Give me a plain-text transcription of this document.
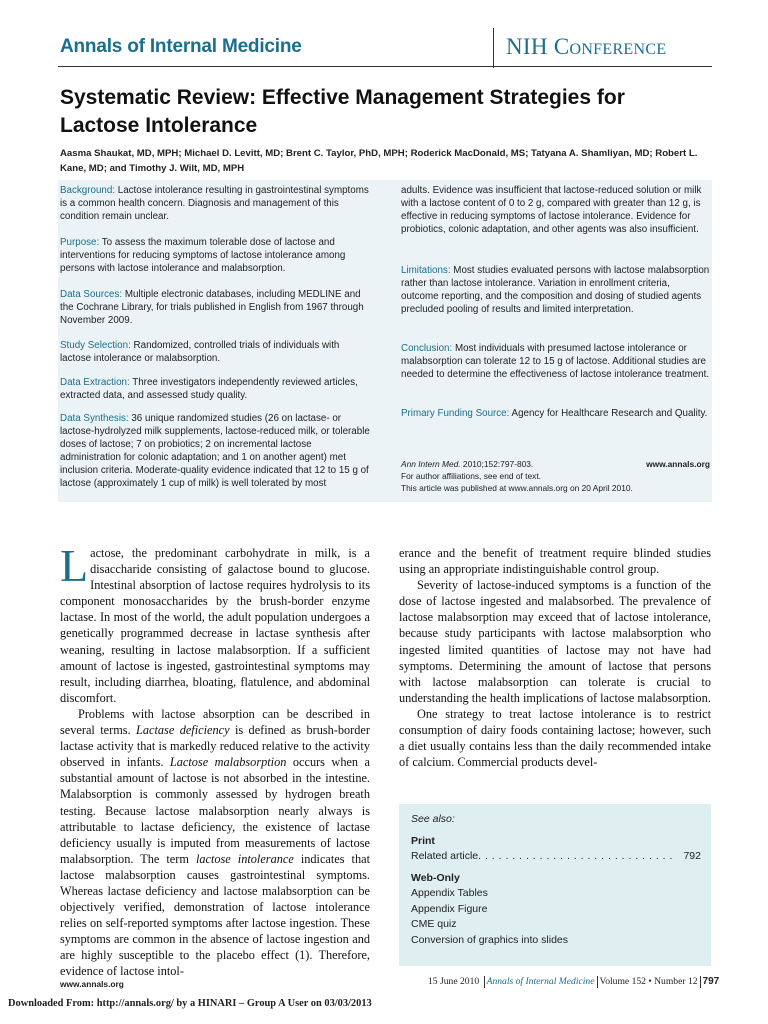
Annals of Internal Medicine	NIH Conference
Systematic Review: Effective Management Strategies for Lactose Intolerance
Aasma Shaukat, MD, MPH; Michael D. Levitt, MD; Brent C. Taylor, PhD, MPH; Roderick MacDonald, MS; Tatyana A. Shamliyan, MD; Robert L. Kane, MD; and Timothy J. Wilt, MD, MPH
Background: Lactose intolerance resulting in gastrointestinal symptoms is a common health concern. Diagnosis and management of this condition remain unclear.
Purpose: To assess the maximum tolerable dose of lactose and interventions for reducing symptoms of lactose intolerance among persons with lactose intolerance and malabsorption.
Data Sources: Multiple electronic databases, including MEDLINE and the Cochrane Library, for trials published in English from 1967 through November 2009.
Study Selection: Randomized, controlled trials of individuals with lactose intolerance or malabsorption.
Data Extraction: Three investigators independently reviewed articles, extracted data, and assessed study quality.
Data Synthesis: 36 unique randomized studies (26 on lactase- or lactose-hydrolyzed milk supplements, lactose-reduced milk, or tolerable doses of lactose; 7 on probiotics; 2 on incremental lactose administration for colonic adaptation; and 1 on another agent) met inclusion criteria. Moderate-quality evidence indicated that 12 to 15 g of lactose (approximately 1 cup of milk) is well tolerated by most
adults. Evidence was insufficient that lactose-reduced solution or milk with a lactose content of 0 to 2 g, compared with greater than 12 g, is effective in reducing symptoms of lactose intolerance. Evidence for probiotics, colonic adaptation, and other agents was also insufficient.
Limitations: Most studies evaluated persons with lactose malabsorption rather than lactose intolerance. Variation in enrollment criteria, outcome reporting, and the composition and dosing of studied agents precluded pooling of results and limited interpretation.
Conclusion: Most individuals with presumed lactose intolerance or malabsorption can tolerate 12 to 15 g of lactose. Additional studies are needed to determine the effectiveness of lactose intolerance treatment.
Primary Funding Source: Agency for Healthcare Research and Quality.
Ann Intern Med. 2010;152:797-803.	www.annals.org
For author affiliations, see end of text.
This article was published at www.annals.org on 20 April 2010.

Lactose, the predominant carbohydrate in milk, is a disaccharide consisting of galactose bound to glucose. Intestinal absorption of lactose requires hydrolysis to its component monosaccharides by the brush-border enzyme lactase. In most of the world, the adult population undergoes a genetically programmed decrease in lactase synthesis after weaning, resulting in lactose malabsorption. If a sufficient amount of lactose is ingested, gastrointestinal symptoms may result, including diarrhea, bloating, flatulence, and abdominal discomfort.

Problems with lactose absorption can be described in several terms. Lactase deficiency is defined as brush-border lactase activity that is markedly reduced relative to the activity observed in infants. Lactose malabsorption occurs when a substantial amount of lactose is not absorbed in the intestine. Malabsorption is commonly assessed by hydrogen breath testing. Because lactose malabsorption nearly always is attributable to lactase deficiency, the existence of lactase deficiency usually is imputed from measurements of lactose malabsorption. The term lactose intolerance indicates that lactose malabsorption causes gastrointestinal symptoms. Whereas lactase deficiency and lactose malabsorption can be objectively verified, demonstration of lactose intolerance relies on self-reported symptoms after lactose ingestion. These symptoms are common in the absence of lactose ingestion and are highly susceptible to the placebo effect (1). Therefore, evidence of lactose intol-

erance and the benefit of treatment require blinded studies using an appropriate indistinguishable control group.

Severity of lactose-induced symptoms is a function of the dose of lactose ingested and malabsorbed. The prevalence of lactose malabsorption may exceed that of lactose intolerance, because study participants with lactose malabsorption who ingested limited quantities of lactose may not have had symptoms. Determining the amount of lactose that persons with lactose malabsorption can tolerate is crucial to understanding the health implications of lactose malabsorption.

One strategy to treat lactose intolerance is to restrict consumption of dairy foods containing lactose; however, such a diet usually contains less than the daily recommended intake of calcium. Commercial products devel-

See also:
Print
Related article. . . . . . . . . . . . . . . . . . . . . . . . . . . . . 792
Web-Only
Appendix Tables
Appendix Figure
CME quiz
Conversion of graphics into slides
www.annals.org	15 June 2010 Annals of Internal Medicine Volume 152 • Number 12 797
Downloaded From: http://annals.org/ by a HINARI – Group A User on 03/03/2013
